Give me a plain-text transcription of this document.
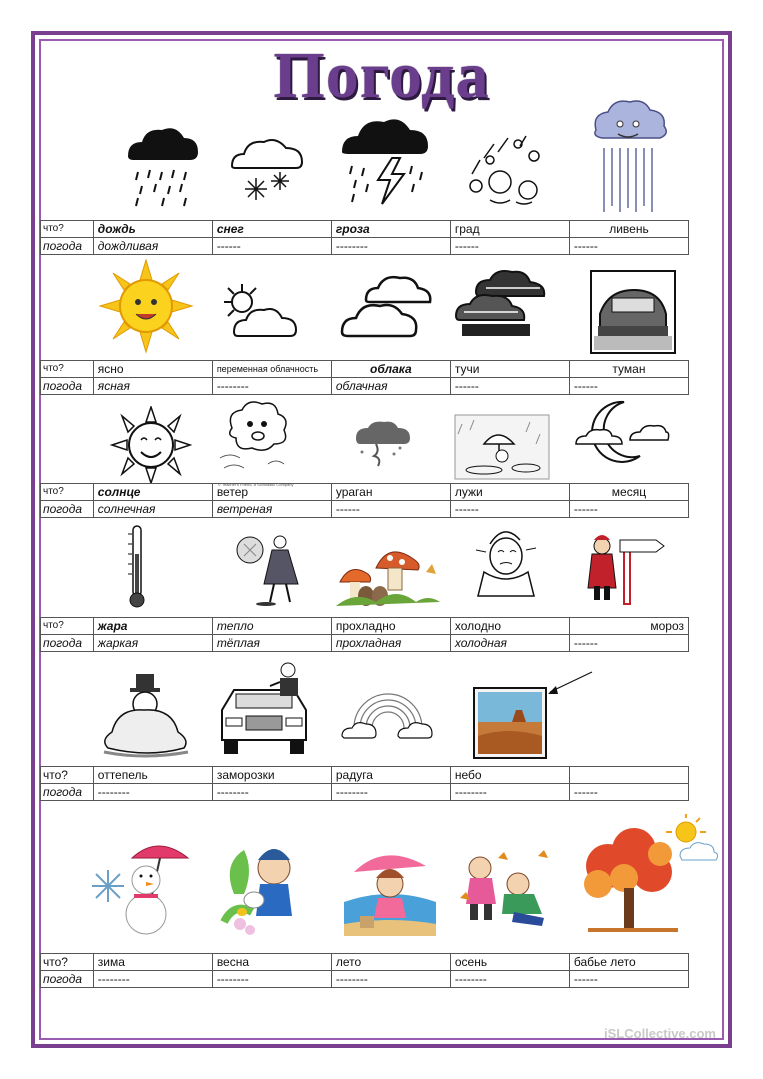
Погода
что?	дождь	снег	гроза	град	ливень
погода	дождливая	------	--------	------	------
что?	ясно	переменная облачность	облака	тучи	туман
погода	ясная	--------	облачная	------	------
© Teacher's Friend, a Scholastic Company
что?	солнце	ветер	ураган	лужи	месяц
погода	солнечная	ветреная	------	------	------
что?	жара	тепло	прохладно	холодно	мороз
погода	жаркая	тёплая	прохладная	холодная	------
что?	оттепель	заморозки	радуга	небо	
погода	--------	--------	--------	--------	------
что?	зима	весна	лето	осень	бабье лето
погода	--------	--------	--------	--------	------
iSLCollective.com
